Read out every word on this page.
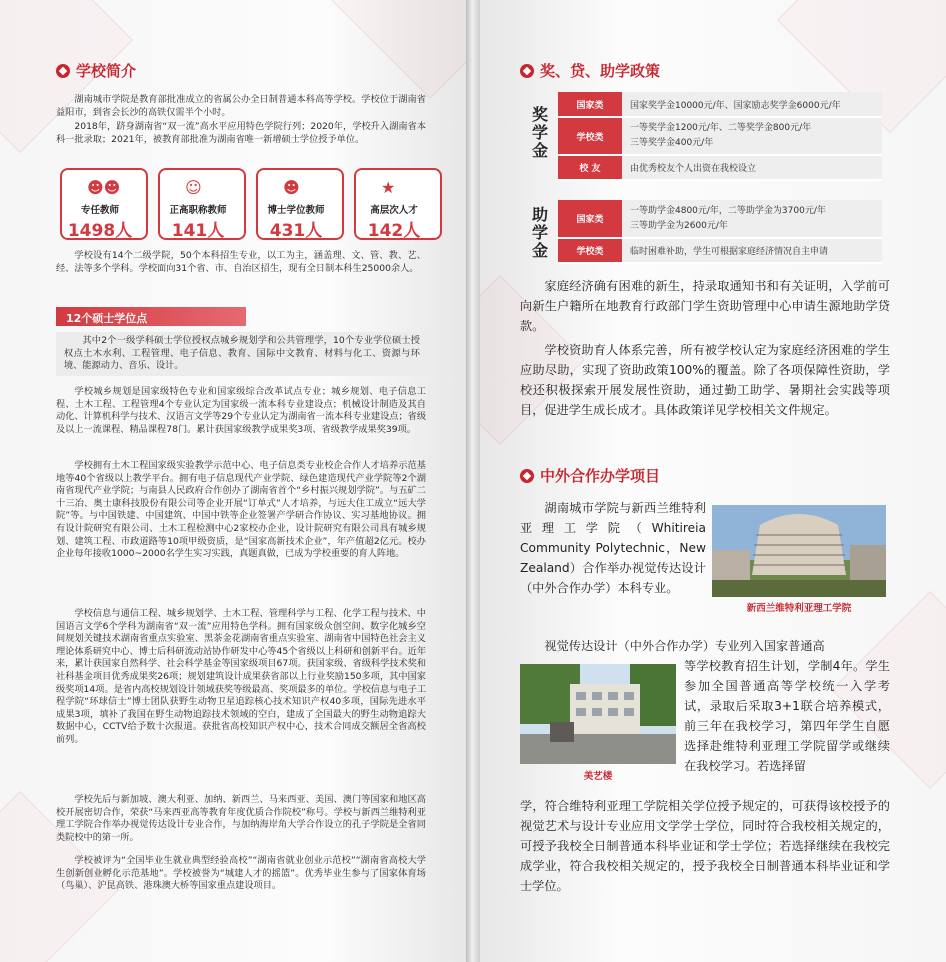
学校简介
湖南城市学院是教育部批准成立的省属公办全日制普通本科高等学校。学校位于湖南省益阳市，到省会长沙的高铁仅需半个小时。
2018年，跻身湖南省“双一流”高水平应用特色学院行列；2020年，学校升入湖南省本科一批录取；2021年，被教育部批准为湖南省唯一新增硕士学位授予单位。
☻☻
专任教师
1498人
☺
正高职称教师
141人
☻
博士学位教师
431人
★
高层次人才
142人
学校设有14个二级学院，50个本科招生专业，以工为主，涵盖理、文、管、教、艺、经、法等多个学科。学校面向31个省、市、自治区招生，现有全日制本科生25000余人。
12个硕士学位点
其中2个一级学科硕士学位授权点城乡规划学和公共管理学，10个专业学位硕士授权点土木水利、工程管理、电子信息、教育、国际中文教育、材料与化工、资源与环境、能源动力、音乐、设计。
学校城乡规划是国家级特色专业和国家级综合改革试点专业；城乡规划、电子信息工程、土木工程、工程管理4个专业认定为国家级一流本科专业建设点；机械设计制造及其自动化、计算机科学与技术、汉语言文学等29个专业认定为湖南省一流本科专业建设点；省级及以上一流课程、精品课程78门。累计获国家级教学成果奖3项、省级教学成果奖39项。
学校拥有土木工程国家级实验教学示范中心、电子信息类专业校企合作人才培养示范基地等40个省级以上教学平台。拥有电子信息现代产业学院、绿色建造现代产业学院等2个湖南省现代产业学院；与南县人民政府合作创办了湖南省首个“乡村振兴规划学院”。与五矿二十三冶、奥士康科技股份有限公司等企业开展“订单式”人才培养，与远大住工成立“远大学院”等。与中国铁建、中国建筑、中国中铁等企业签署产学研合作协议、实习基地协议。拥有设计院研究有限公司、土木工程检测中心2家校办企业，设计院研究有限公司具有城乡规划、建筑工程、市政道路等10项甲级资质，是“国家高新技术企业”，年产值超2亿元。校办企业每年接收1000~2000名学生实习实践，真题真做，已成为学校重要的育人阵地。
学校信息与通信工程、城乡规划学、土木工程、管理科学与工程、化学工程与技术、中国语言文学6个学科为湖南省“双一流”应用特色学科。拥有国家级众创空间、数字化城乡空间规划关键技术湖南省重点实验室、黑茶金花湖南省重点实验室、湖南省中国特色社会主义理论体系研究中心、博士后科研流动站协作研发中心等45个省级以上科研和创新平台。近年来，累计获国家自然科学、社会科学基金等国家级项目67项。获国家级、省级科学技术奖和社科基金项目优秀成果奖26项；规划建筑设计成果获省部以上行业奖励150多项，其中国家级奖项14项。是省内高校规划设计领域获奖等级最高、奖项最多的单位。学校信息与电子工程学院“环球信士”博士团队获野生动物卫星追踪核心技术知识产权40多项，国际先进水平成果3项，填补了我国在野生动物追踪技术领域的空白，建成了全国最大的野生动物追踪大数据中心，CCTV给予数十次报道。获批省高校知识产权中心，技术合同成交额居全省高校前列。
学校先后与新加坡、澳大利亚、加纳、新西兰、马来西亚、美国、澳门等国家和地区高校开展密切合作，荣获“马来西亚高等教育年度优质合作院校”称号。学校与新西兰维特利亚理工学院合作举办视觉传达设计专业合作，与加纳海岸角大学合作设立的孔子学院是全省同类院校中的第一所。
学校被评为“全国毕业生就业典型经验高校”“湖南省就业创业示范校”“湖南省高校大学生创新创业孵化示范基地”。学校被誉为“城建人才的摇篮”。优秀毕业生参与了国家体育场（鸟巢）、沪昆高铁、港珠澳大桥等国家重点建设项目。
奖、贷、助学政策
奖学金
国家类	国家奖学金10000元/年、国家励志奖学金6000元/年
学校类	一等奖学金1200元/年、二等奖学金800元/年
三等奖学金400元/年

校 友	由优秀校友个人出资在我校设立
助学金
国家类	一等助学金4800元/年，二等助学金为3700元/年
三等助学金为2600元/年

学校类	临时困难补助，学生可根据家庭经济情况自主申请
家庭经济确有困难的新生，持录取通知书和有关证明，入学前可向新生户籍所在地教育行政部门学生资助管理中心申请生源地助学贷款。
学校资助育人体系完善，所有被学校认定为家庭经济困难的学生应助尽助，实现了资助政策100%的覆盖。除了各项保障性资助，学校还积极探索开展发展性资助，通过勤工助学、暑期社会实践等项目，促进学生成长成才。具体政策详见学校相关文件规定。
中外合作办学项目
湖南城市学院与新西兰维特利亚理工学院（Whitireia Community Polytechnic，New Zealand）合作举办视觉传达设计（中外合作办学）本科专业。
新西兰维特利亚理工学院
视觉传达设计（中外合作办学）专业列入国家普通高
美艺楼
等学校教育招生计划，学制4年。学生参加全国普通高等学校统一入学考试，录取后采取3+1联合培养模式，前三年在我校学习，第四年学生自愿选择赴维特利亚理工学院留学或继续在我校学习。若选择留
学，符合维特利亚理工学院相关学位授予规定的，可获得该校授予的视觉艺术与设计专业应用文学学士学位，同时符合我校相关规定的，可授予我校全日制普通本科毕业证和学士学位；若选择继续在我校完成学业，符合我校相关规定的，授予我校全日制普通本科毕业证和学士学位。
